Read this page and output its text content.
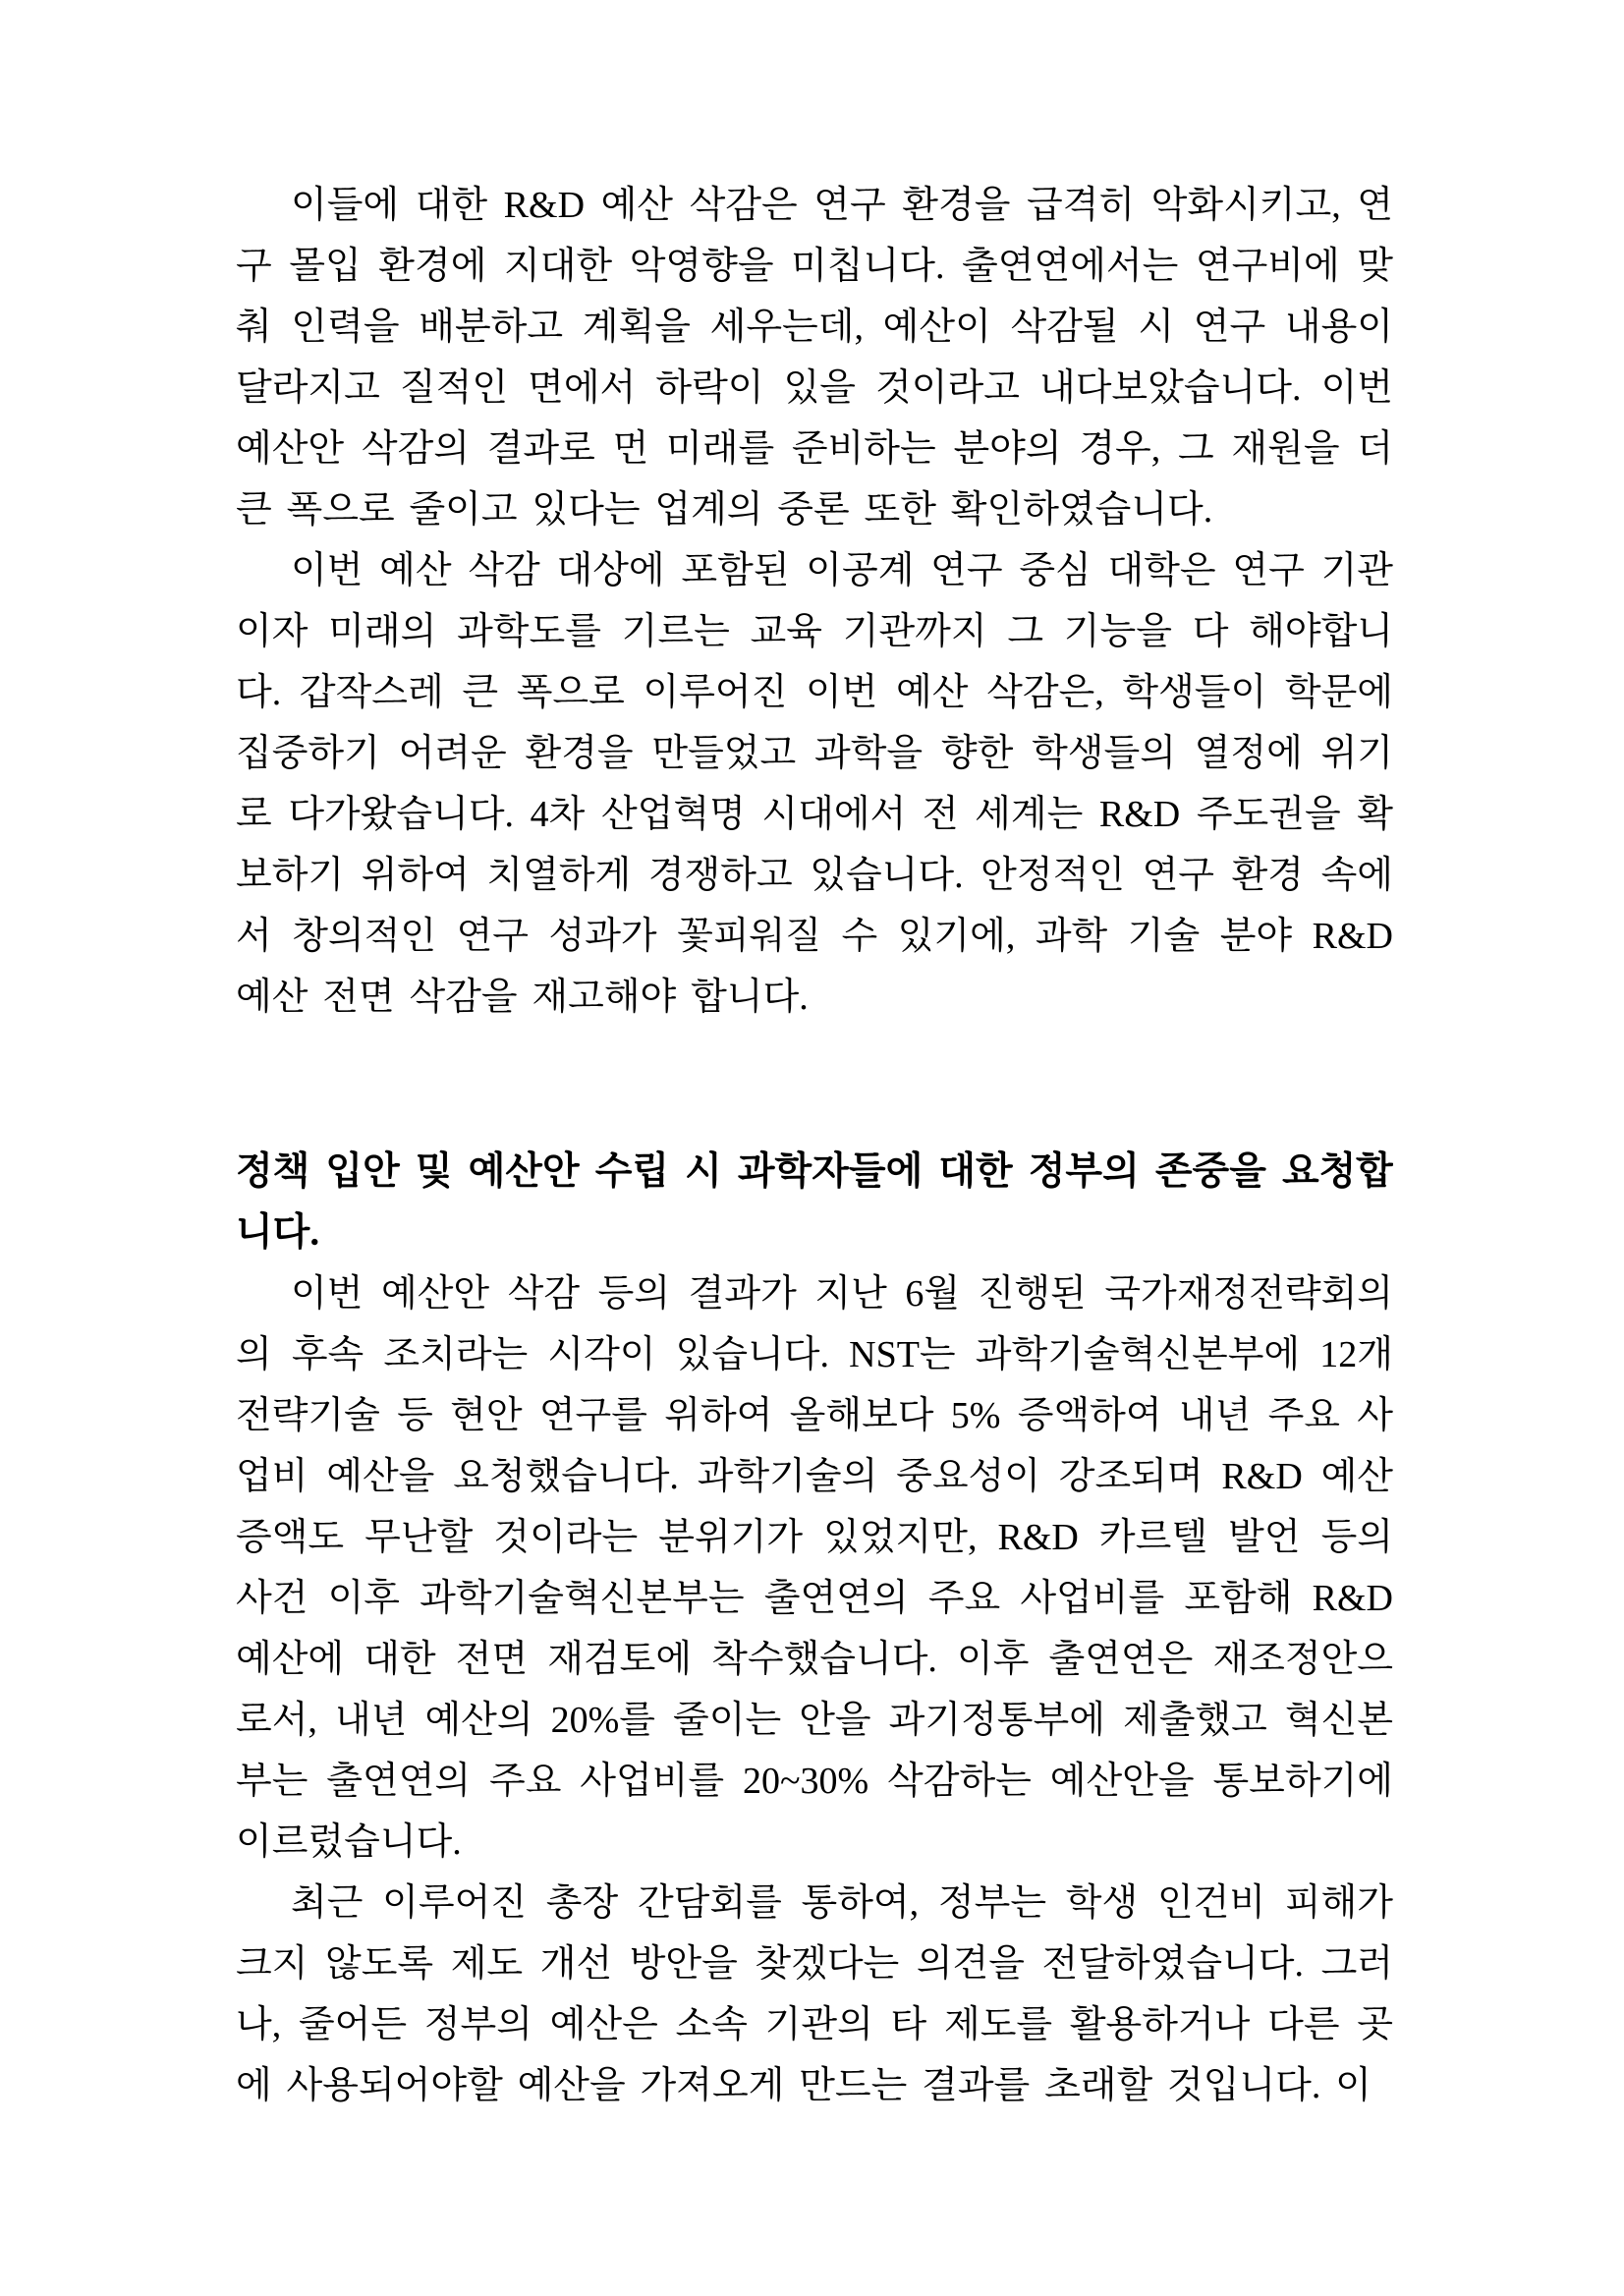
이들에 대한 R&D 예산 삭감은 연구 환경을 급격히 악화시키고, 연
구 몰입 환경에 지대한 악영향을 미칩니다. 출연연에서는 연구비에 맞
춰 인력을 배분하고 계획을 세우는데, 예산이 삭감될 시 연구 내용이
달라지고 질적인 면에서 하락이 있을 것이라고 내다보았습니다. 이번
예산안 삭감의 결과로 먼 미래를 준비하는 분야의 경우, 그 재원을 더
큰 폭으로 줄이고 있다는 업계의 중론 또한 확인하였습니다.
이번 예산 삭감 대상에 포함된 이공계 연구 중심 대학은 연구 기관
이자 미래의 과학도를 기르는 교육 기관까지 그 기능을 다 해야합니
다. 갑작스레 큰 폭으로 이루어진 이번 예산 삭감은, 학생들이 학문에
집중하기 어려운 환경을 만들었고 과학을 향한 학생들의 열정에 위기
로 다가왔습니다. 4차 산업혁명 시대에서 전 세계는 R&D 주도권을 확
보하기 위하여 치열하게 경쟁하고 있습니다. 안정적인 연구 환경 속에
서 창의적인 연구 성과가 꽃피워질 수 있기에, 과학 기술 분야 R&D
예산 전면 삭감을 재고해야 합니다.
정책 입안 및 예산안 수립 시 과학자들에 대한 정부의 존중을 요청합
니다.
이번 예산안 삭감 등의 결과가 지난 6월 진행된 국가재정전략회의
의 후속 조치라는 시각이 있습니다. NST는 과학기술혁신본부에 12개
전략기술 등 현안 연구를 위하여 올해보다 5% 증액하여 내년 주요 사
업비 예산을 요청했습니다. 과학기술의 중요성이 강조되며 R&D 예산
증액도 무난할 것이라는 분위기가 있었지만, R&D 카르텔 발언 등의
사건 이후 과학기술혁신본부는 출연연의 주요 사업비를 포함해 R&D
예산에 대한 전면 재검토에 착수했습니다. 이후 출연연은 재조정안으
로서, 내년 예산의 20%를 줄이는 안을 과기정통부에 제출했고 혁신본
부는 출연연의 주요 사업비를 20~30% 삭감하는 예산안을 통보하기에
이르렀습니다.
최근 이루어진 총장 간담회를 통하여, 정부는 학생 인건비 피해가
크지 않도록 제도 개선 방안을 찾겠다는 의견을 전달하였습니다. 그러
나, 줄어든 정부의 예산은 소속 기관의 타 제도를 활용하거나 다른 곳
에 사용되어야할 예산을 가져오게 만드는 결과를 초래할 것입니다. 이
